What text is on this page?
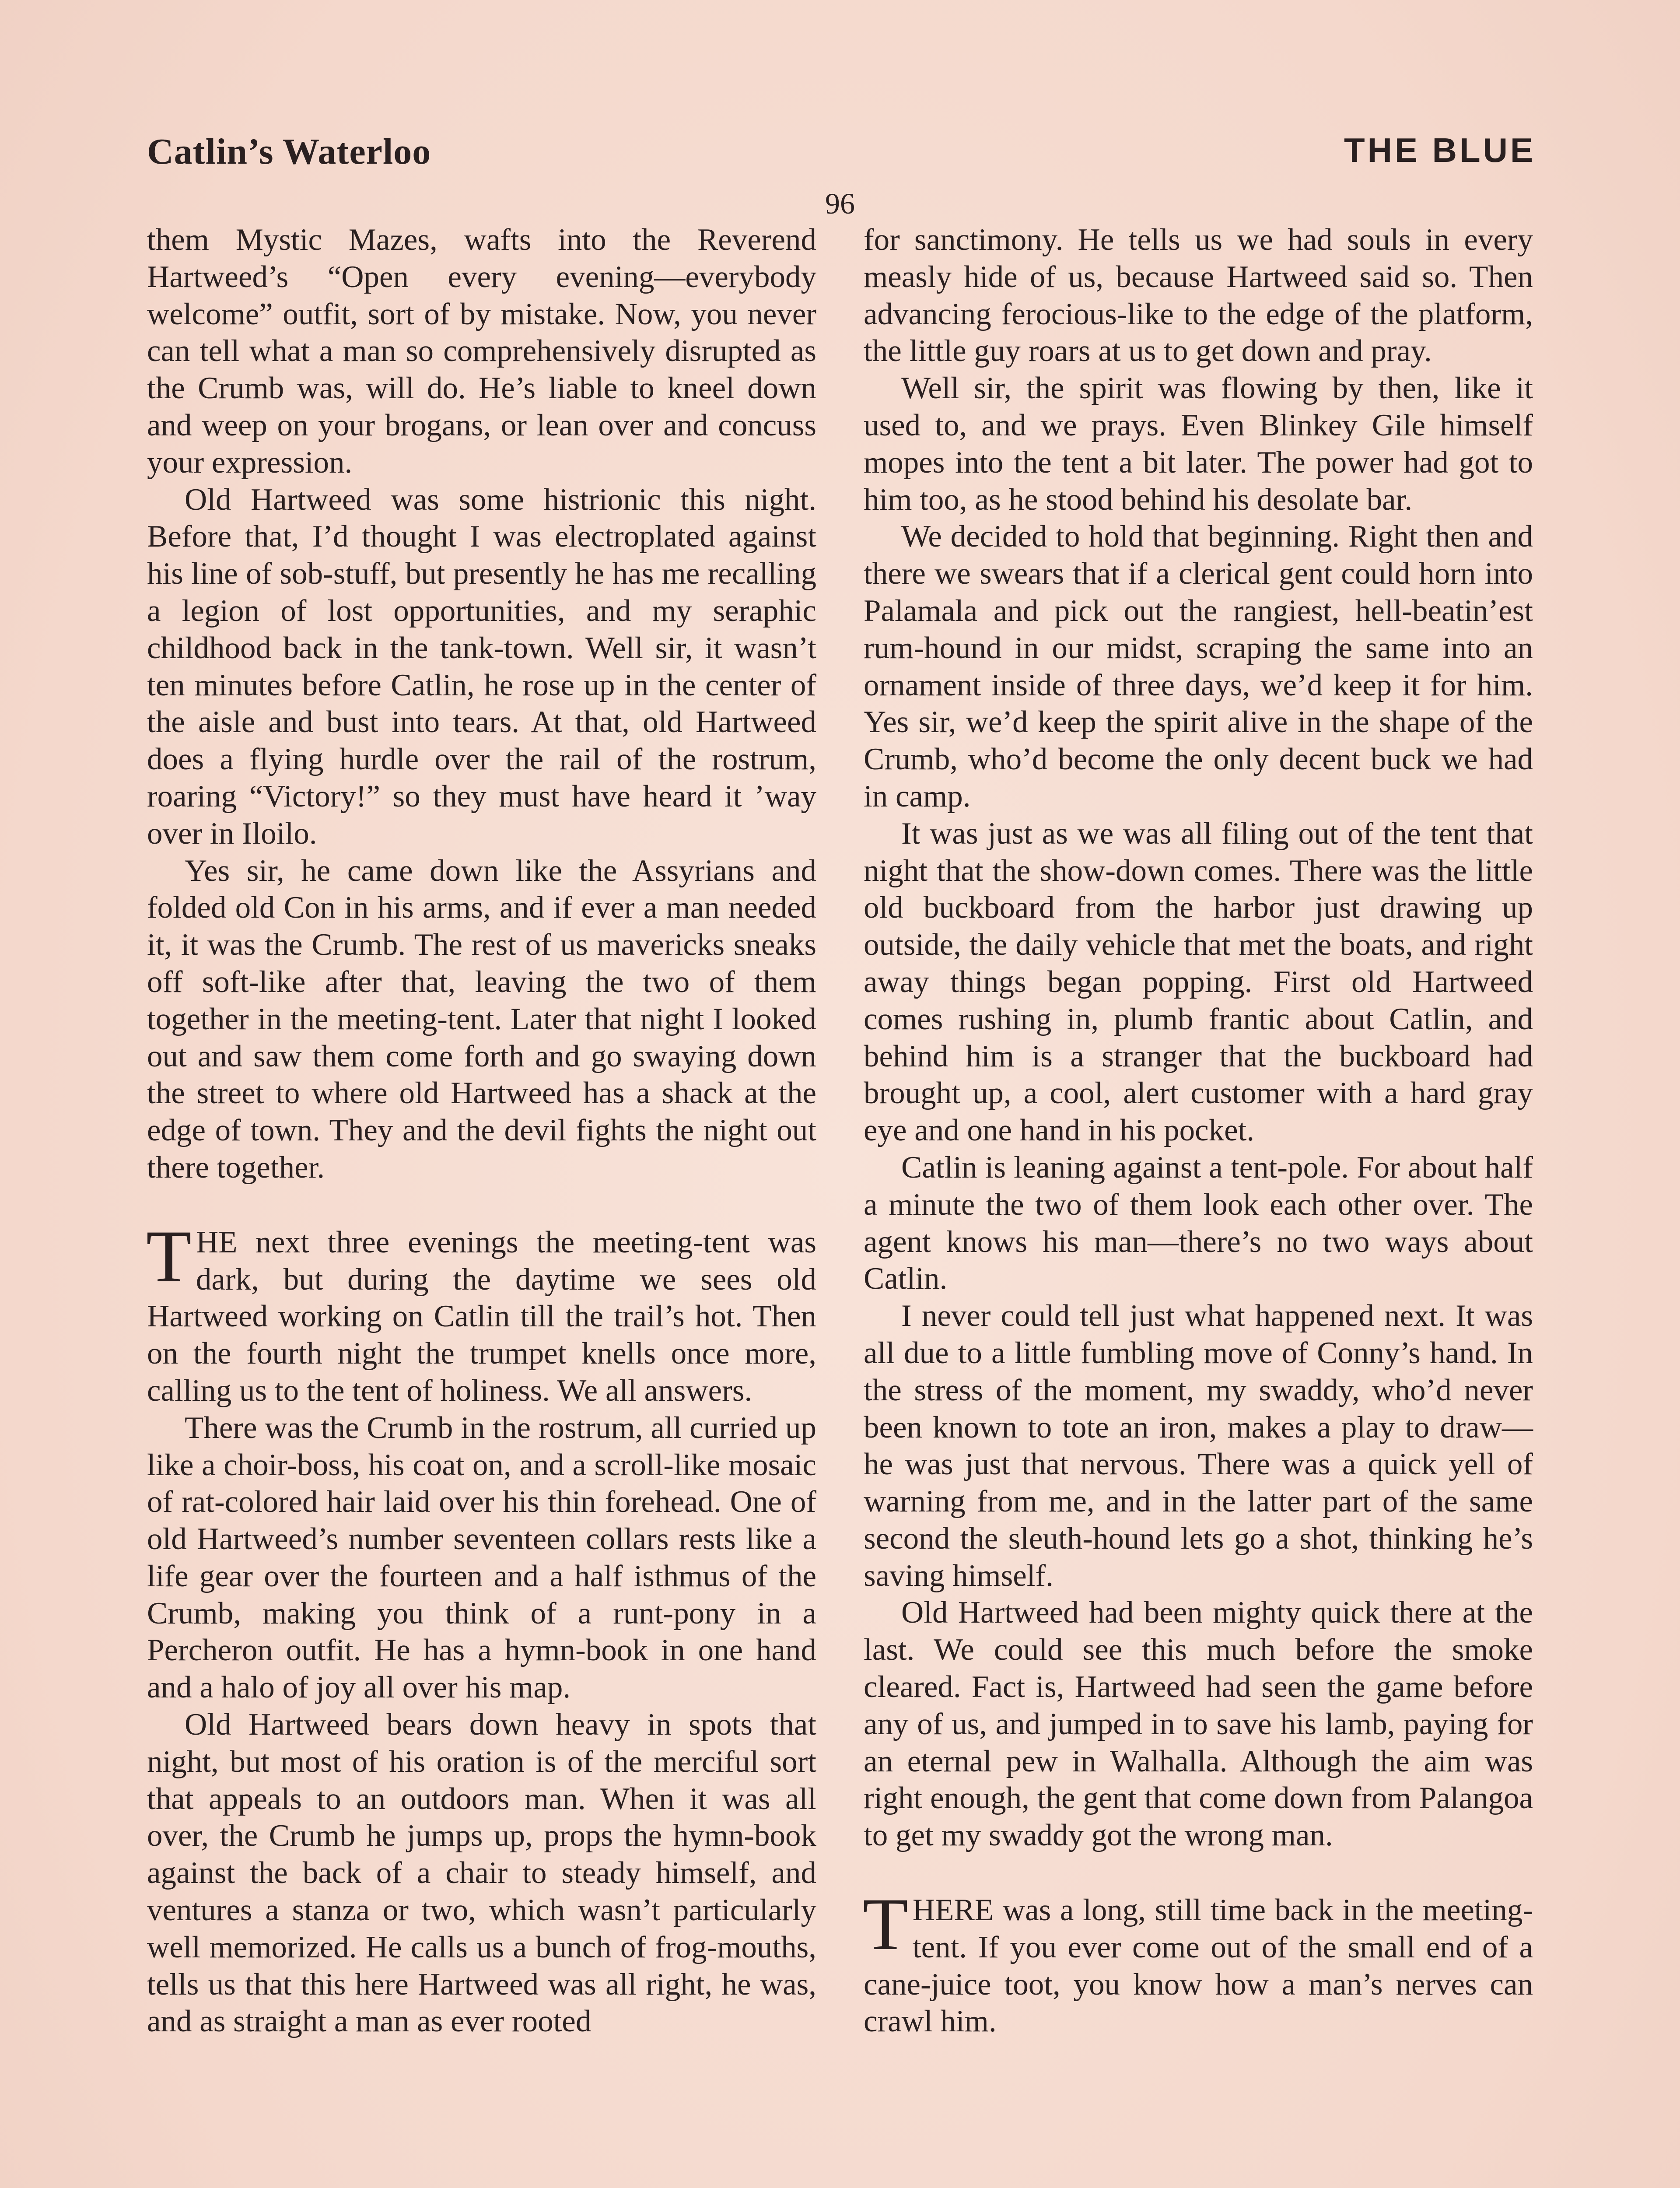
Catlin’s Waterloo	THE BLUE
96

them Mystic Mazes, wafts into the Reverend Hartweed’s “Open every evening—everybody welcome” outfit, sort of by mistake. Now, you never can tell what a man so comprehensively disrupted as the Crumb was, will do. He’s liable to kneel down and weep on your brogans, or lean over and concuss your expression.

Old Hartweed was some histrionic this night. Before that, I’d thought I was electroplated against his line of sob-stuff, but presently he has me recalling a legion of lost opportunities, and my seraphic childhood back in the tank-town. Well sir, it wasn’t ten minutes before Catlin, he rose up in the center of the aisle and bust into tears. At that, old Hartweed does a flying hurdle over the rail of the rostrum, roaring “Victory!” so they must have heard it ’way over in Iloilo.

Yes sir, he came down like the Assyrians and folded old Con in his arms, and if ever a man needed it, it was the Crumb. The rest of us mavericks sneaks off soft-like after that, leaving the two of them together in the meeting-tent. Later that night I looked out and saw them come forth and go swaying down the street to where old Hartweed has a shack at the edge of town. They and the devil fights the night out there together.

THE next three evenings the meeting-tent was dark, but during the daytime we sees old Hartweed working on Catlin till the trail’s hot. Then on the fourth night the trumpet knells once more, calling us to the tent of holiness. We all answers.

There was the Crumb in the rostrum, all curried up like a choir-boss, his coat on, and a scroll-like mosaic of rat-colored hair laid over his thin forehead. One of old Hartweed’s number seventeen collars rests like a life gear over the fourteen and a half isthmus of the Crumb, making you think of a runt-pony in a Percheron outfit. He has a hymn-book in one hand and a halo of joy all over his map.

Old Hartweed bears down heavy in spots that night, but most of his oration is of the merciful sort that appeals to an outdoors man. When it was all over, the Crumb he jumps up, props the hymn-book against the back of a chair to steady himself, and ventures a stanza or two, which wasn’t particularly well memorized. He calls us a bunch of frog-mouths, tells us that this here Hartweed was all right, he was, and as straight a man as ever rooted

for sanctimony. He tells us we had souls in every measly hide of us, because Hartweed said so. Then advancing ferocious-like to the edge of the platform, the little guy roars at us to get down and pray.

Well sir, the spirit was flowing by then, like it used to, and we prays. Even Blinkey Gile himself mopes into the tent a bit later. The power had got to him too, as he stood behind his desolate bar.

We decided to hold that beginning. Right then and there we swears that if a clerical gent could horn into Palamala and pick out the rangiest, hell-beatin’est rum-hound in our midst, scraping the same into an ornament inside of three days, we’d keep it for him. Yes sir, we’d keep the spirit alive in the shape of the Crumb, who’d become the only decent buck we had in camp.

It was just as we was all filing out of the tent that night that the show-down comes. There was the little old buckboard from the harbor just drawing up outside, the daily vehicle that met the boats, and right away things began popping. First old Hartweed comes rushing in, plumb frantic about Catlin, and behind him is a stranger that the buckboard had brought up, a cool, alert customer with a hard gray eye and one hand in his pocket.

Catlin is leaning against a tent-pole. For about half a minute the two of them look each other over. The agent knows his man—there’s no two ways about Catlin.

I never could tell just what happened next. It was all due to a little fumbling move of Conny’s hand. In the stress of the moment, my swaddy, who’d never been known to tote an iron, makes a play to draw—he was just that nervous. There was a quick yell of warning from me, and in the latter part of the same second the sleuth-hound lets go a shot, thinking he’s saving himself.

Old Hartweed had been mighty quick there at the last. We could see this much before the smoke cleared. Fact is, Hartweed had seen the game before any of us, and jumped in to save his lamb, paying for an eternal pew in Walhalla. Although the aim was right enough, the gent that come down from Palangoa to get my swaddy got the wrong man.

THERE was a long, still time back in the meeting-tent. If you ever come out of the small end of a cane-juice toot, you know how a man’s nerves can crawl him.
